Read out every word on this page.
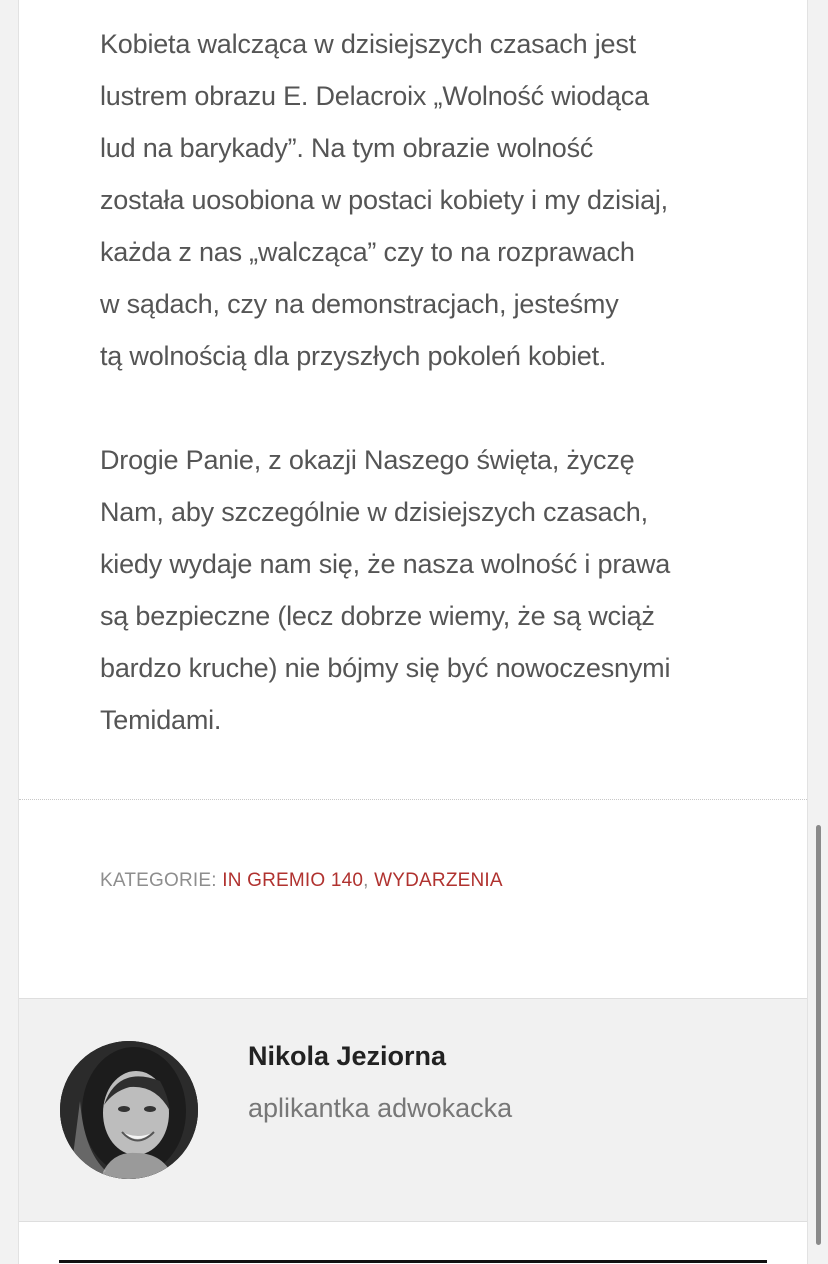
Kobieta walcząca w dzisiejszych czasach jest
lustrem obrazu E. Delacroix „Wolność wiodąca
lud na barykady”. Na tym obrazie wolność
została uosobiona w postaci kobiety i my dzisiaj,
każda z nas „walcząca” czy to na rozprawach
w sądach, czy na demonstracjach, jesteśmy
tą wolnością dla przyszłych pokoleń kobiet.

Drogie Panie, z okazji Naszego święta, życzę
Nam, aby szczególnie w dzisiejszych czasach,
kiedy wydaje nam się, że nasza wolność i prawa
są bezpieczne (lecz dobrze wiemy, że są wciąż
bardzo kruche) nie bójmy się być nowoczesnymi
Temidami.

KATEGORIE: IN GREMIO 140, WYDARZENIA
Nikola Jeziorna
aplikantka adwokacka
